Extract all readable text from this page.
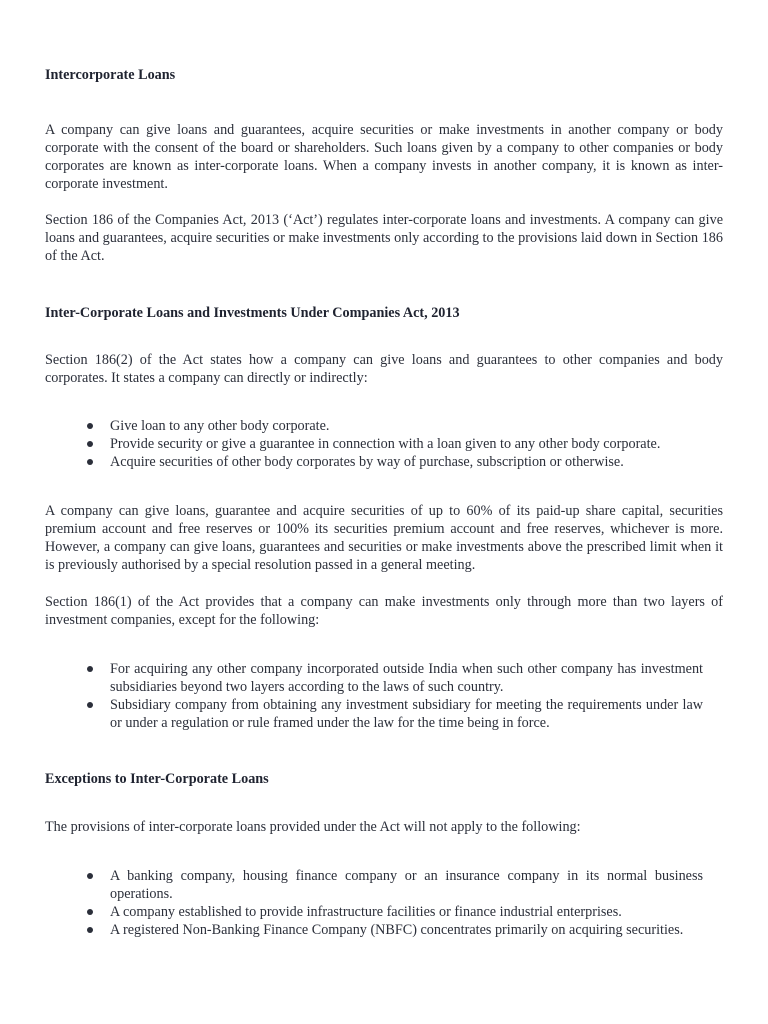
Intercorporate Loans

A company can give loans and guarantees, acquire securities or make investments in another company or body corporate with the consent of the board or shareholders. Such loans given by a company to other companies or body corporates are known as inter-corporate loans. When a company invests in another company, it is known as inter-corporate investment.

Section 186 of the Companies Act, 2013 (‘Act’) regulates inter-corporate loans and investments. A company can give loans and guarantees, acquire securities or make investments only according to the provisions laid down in Section 186 of the Act.

Inter-Corporate Loans and Investments Under Companies Act, 2013

Section 186(2) of the Act states how a company can give loans and guarantees to other companies and body corporates. It states a company can directly or indirectly:

Give loan to any other body corporate.
Provide security or give a guarantee in connection with a loan given to any other body corporate.
Acquire securities of other body corporates by way of purchase, subscription or otherwise.

A company can give loans, guarantee and acquire securities of up to 60% of its paid-up share capital, securities premium account and free reserves or 100% its securities premium account and free reserves, whichever is more. However, a company can give loans, guarantees and securities or make investments above the prescribed limit when it is previously authorised by a special resolution passed in a general meeting.

Section 186(1) of the Act provides that a company can make investments only through more than two layers of investment companies, except for the following:

For acquiring any other company incorporated outside India when such other company has investment subsidiaries beyond two layers according to the laws of such country.
Subsidiary company from obtaining any investment subsidiary for meeting the requirements under law or under a regulation or rule framed under the law for the time being in force.
Exceptions to Inter-Corporate Loans

The provisions of inter-corporate loans provided under the Act will not apply to the following:

A banking company, housing finance company or an insurance company in its normal business operations.
A company established to provide infrastructure facilities or finance industrial enterprises.
A registered Non-Banking Finance Company (NBFC) concentrates primarily on acquiring securities.
